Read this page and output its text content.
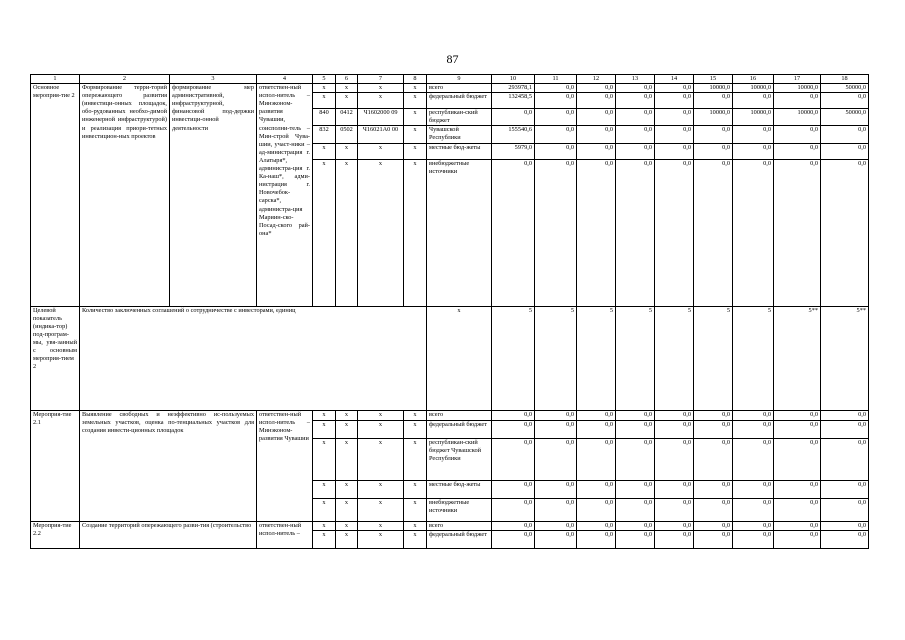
87
1	2	3	4	5	6	7	8	9	10	11	12	13	14	15	16	17	18	
Основное мероприя-тие 2	Формирование терри-торий опережающего развития (инвестици-онных площадок, обо-рудованных необхо-димой инженерной инфраструктурой) и реализация приори-тетных инвестицион-ных проектов	формирование мер административной, инфраструктурной, финансовой под-держки инвестици-онной деятельности	ответствен-ный испол-нитель – Минэконом-развития Чувашии, соисполни-тель – Мин-строй Чува-шии, участ-ники – ад-министрация г. Алатыря*, администра-ция г. Ка-наш*, адми-нистрация г. Новочебок-сарска*, администра-ция Мариин-ско-Посад-ского рай-она*	x	x	x	x	всего	293978,1	0,0	0,0	0,0	0,0	10000,0	10000,0	10000,0	50000,0	
				x	x	x	x	федеральный бюджет	132458,5	0,0	0,0	0,0	0,0	0,0	0,0	0,0	0,0	
				840	0412	Ч1602000 09	x	республикан-ский бюджет	0,0	0,0	0,0	0,0	0,0	10000,0	10000,0	10000,0	50000,0	
				832	0502	Ч16021А0 00	x	Чувашской Республики	155540,6	0,0	0,0	0,0	0,0	0,0	0,0	0,0	0,0	
				x	x	x	x	местные бюд-жеты	5979,0	0,0	0,0	0,0	0,0	0,0	0,0	0,0	0,0	
				x	x	x	x	внебюджетные источники	0,0	0,0	0,0	0,0	0,0	0,0	0,0	0,0	0,0	
Целевой показатель (индика-тор) под-програм-мы, увя-занный с основным мероприя-тием 2	Количество заключенных соглашений о сотрудничестве с инвесторами, единиц							x	5	5	5	5	5	5	5	5**	5**	
Мероприя-тие 2.1	Выявление свободных и неэффективно ис-пользуемых земельных участков, оценка по-тенциальных участков для создания инвести-ционных площадок		ответствен-ный испол-нитель – Минэконом-развития Чувашии	x	x	x	x	всего	0,0	0,0	0,0	0,0	0,0	0,0	0,0	0,0	0,0	
				x	x	x	x	федеральный бюджет	0,0	0,0	0,0	0,0	0,0	0,0	0,0	0,0	0,0	
				x	x	x	x	республикан-ский бюджет Чувашской Республики	0,0	0,0	0,0	0,0	0,0	0,0	0,0	0,0	0,0	
				x	x	x	x	местные бюд-жеты	0,0	0,0	0,0	0,0	0,0	0,0	0,0	0,0	0,0	
				x	x	x	x	внебюджетные источники	0,0	0,0	0,0	0,0	0,0	0,0	0,0	0,0	0,0	
Мероприя-тие 2.2	Создание территорий опережающего разви-тия (строительство		ответствен-ный испол-нитель –	x	x	x	x	всего	0,0	0,0	0,0	0,0	0,0	0,0	0,0	0,0	0,0	
				x	x	x	x	федеральный бюджет	0,0	0,0	0,0	0,0	0,0	0,0	0,0	0,0	0,0	
